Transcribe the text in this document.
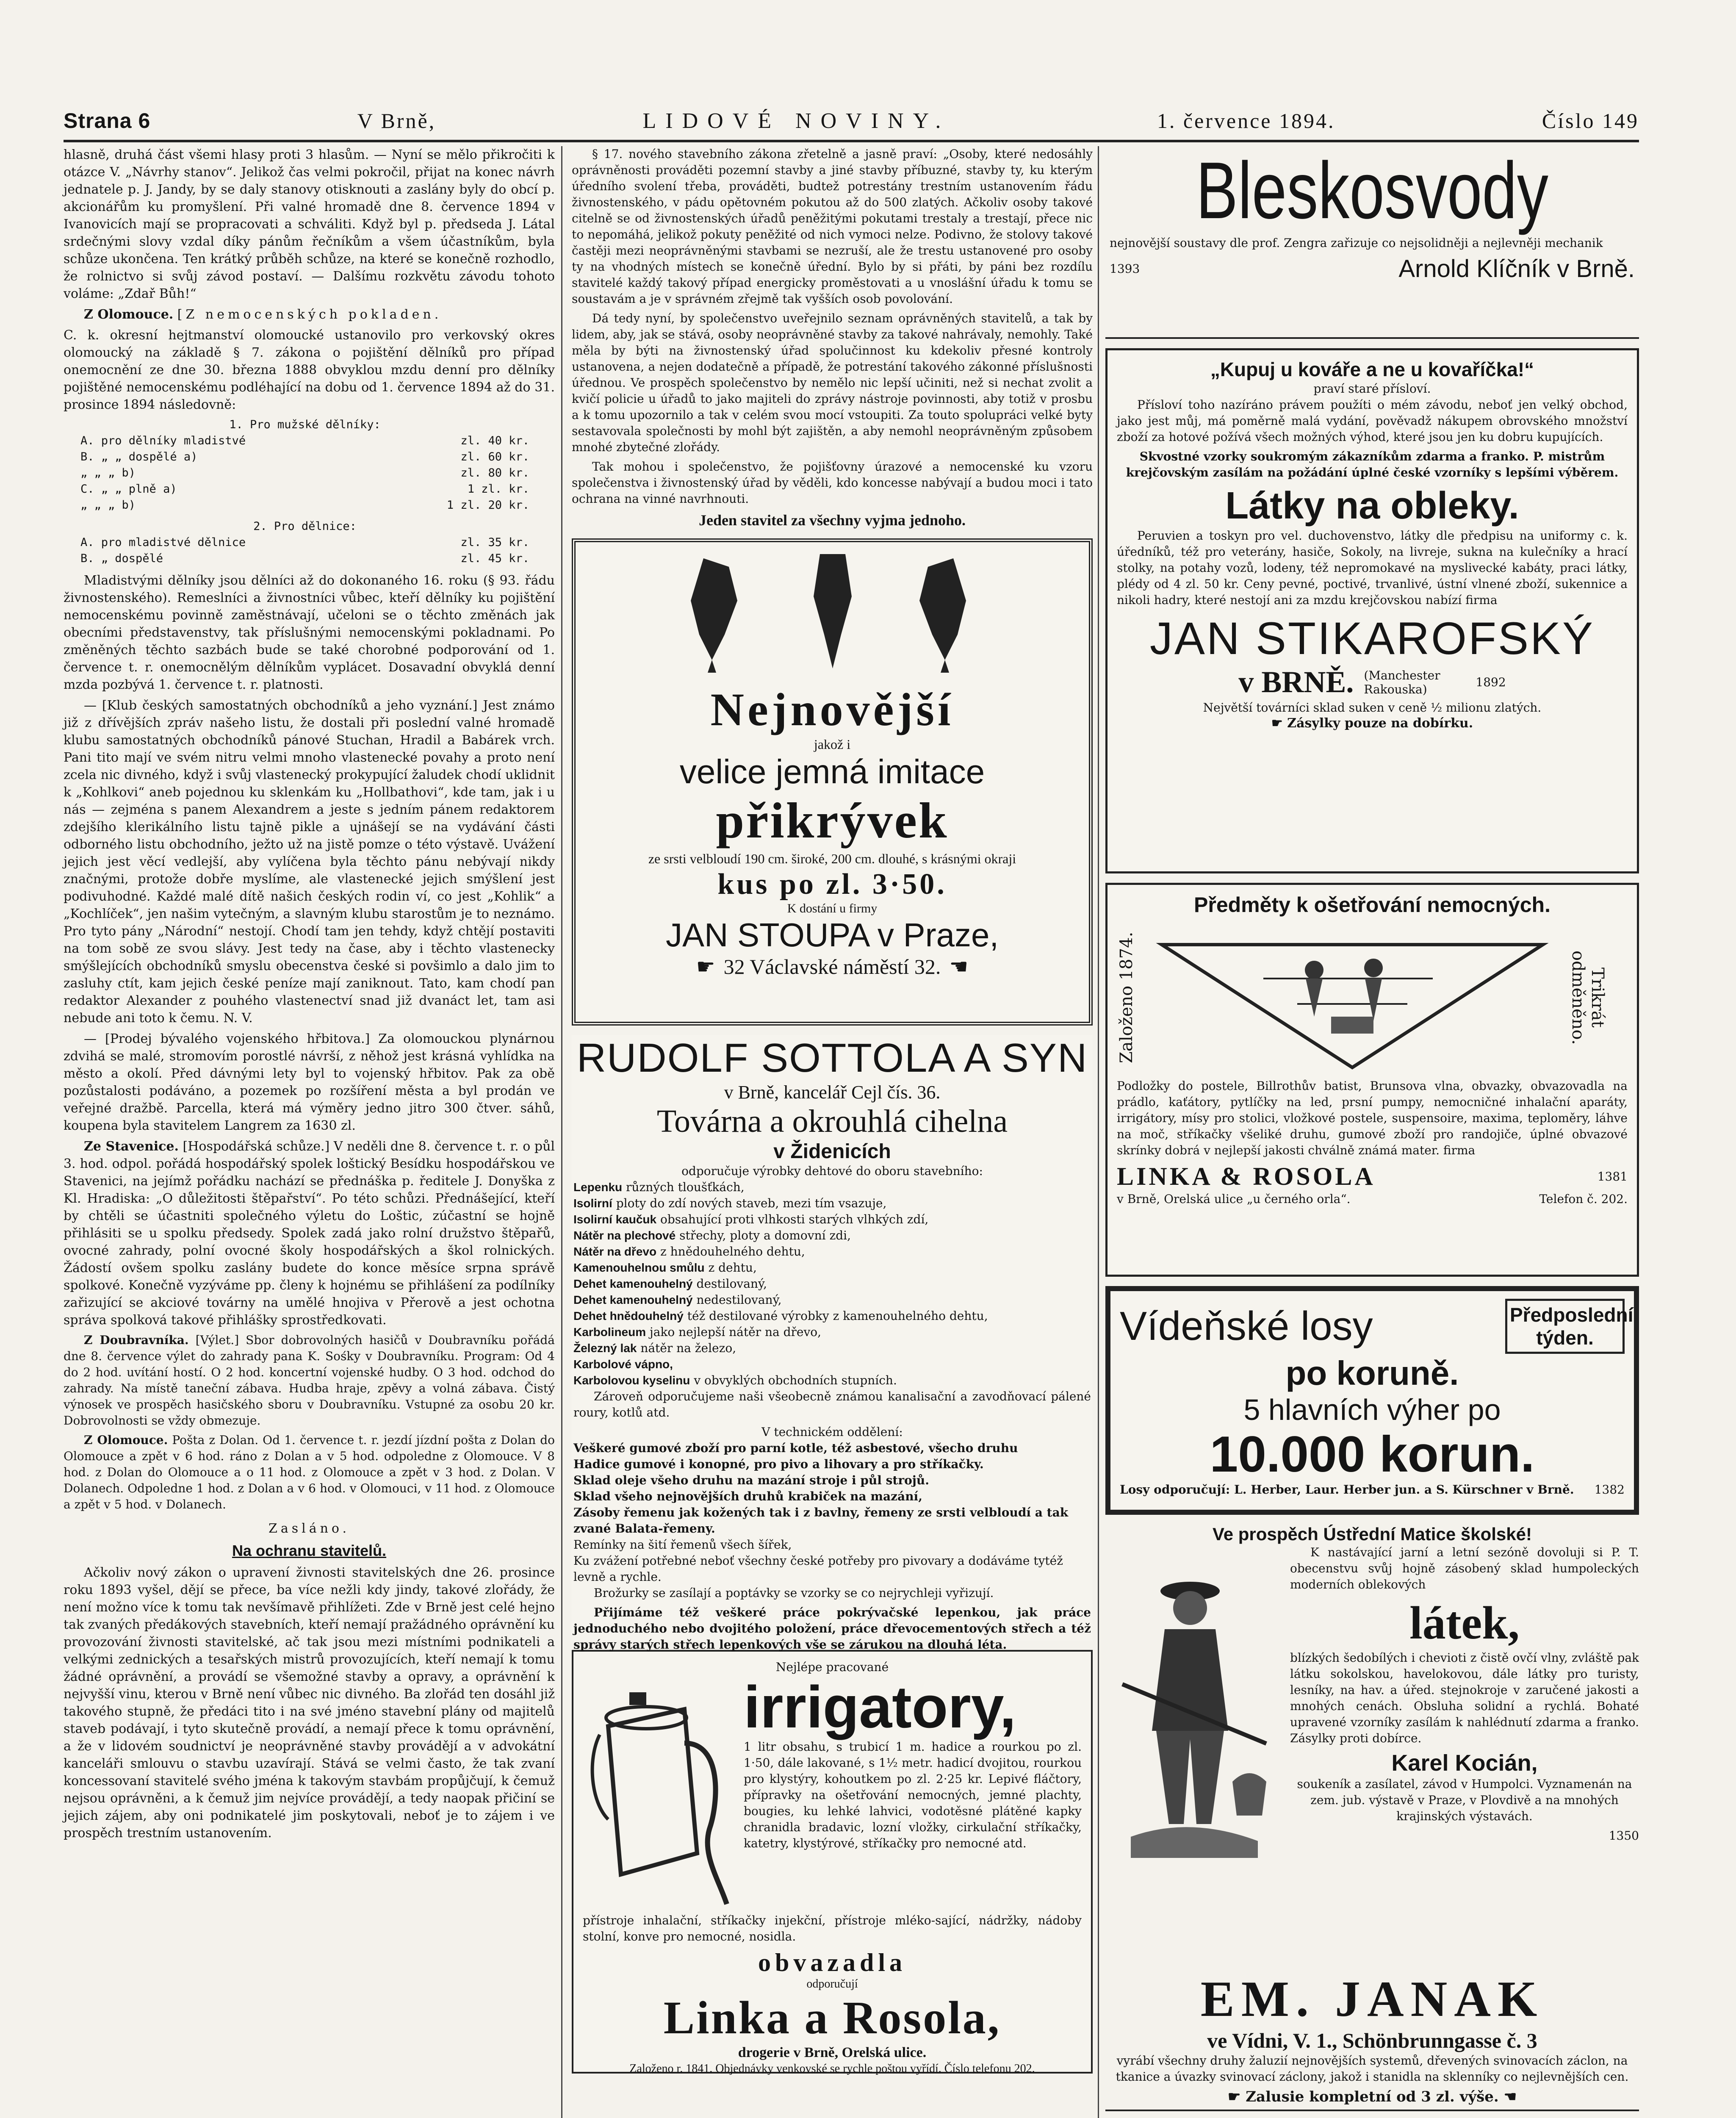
Strana 6	V Brně,	LIDOVÉ NOVINY.	1. července 1894.	Číslo 149

hlasně, druhá část všemi hlasy proti 3 hlasům. — Nyní se mělo přikročiti k otázce V. „Návrhy stanov“. Jelikož čas velmi pokročil, přijat na konec návrh jednatele p. J. Jandy, by se daly stanovy otisknouti a zaslány byly do obcí p. akcionářům ku promyšlení. Při valné hromadě dne 8. července 1894 v Ivanovicích mají se propracovati a schváliti. Když byl p. předseda J. Látal srdečnými slovy vzdal díky pánům řečníkům a všem účastníkům, byla schůze ukončena. Ten krátký průběh schůze, na které se konečně rozhodlo, že rolnictvo si svůj závod postaví. — Dalšímu rozkvětu závodu tohoto voláme: „Zdař Bůh!“

Z Olomouce. [Z nemocenských pokladen.

C. k. okresní hejtmanství olomoucké ustanovilo pro verkovský okres olomoucký na základě § 7. zákona o pojištění dělníků pro případ onemocnění ze dne 30. března 1888 obvyklou mzdu denní pro dělníky pojištěné nemocenskému podléhající na dobu od 1. července 1894 až do 31. prosince 1894 následovně:

1. Pro mužské dělníky:
A. pro dělníky mladistvé	zl. 40 kr.
B. „ „ dospělé a)	zl. 60 kr.
„ „ „ b)	zl. 80 kr.
C. „ „ plně a)	1 zl. kr.
„ „ „ b)	1 zl. 20 kr.
2. Pro dělnice:
A. pro mladistvé dělnice	zl. 35 kr.
B. „ dospělé	zl. 45 kr.

Mladistvými dělníky jsou dělníci až do dokonaného 16. roku (§ 93. řádu živnostenského). Remeslníci a živnostníci vůbec, kteří dělníky ku pojištění nemocenskému povinně zaměstnávají, učeloni se o těchto změnách jak obecními představenstvy, tak příslušnými nemocenskými pokladnami. Po změněných těchto sazbách bude se také chorobné podporování od 1. července t. r. onemocnělým dělníkům vyplácet. Dosavadní obvyklá denní mzda pozbývá 1. července t. r. platnosti.

— [Klub českých samostatných obchodníků a jeho vyznání.] Jest známo již z dřívějších zpráv našeho listu, že dostali při poslední valné hromadě klubu samostatných obchodníků pánové Stuchan, Hradil a Babárek vrch. Pani tito mají ve svém nitru velmi mnoho vlastenecké povahy a proto není zcela nic divného, když i svůj vlastenecký prokypující žaludek chodí uklidnit k „Kohlkovi“ aneb pojednou ku sklenkám ku „Hollbathovi“, kde tam, jak i u nás — zejména s panem Alexandrem a jeste s jedním pánem redaktorem zdejšího klerikálního listu tajně pikle a ujnášejí se na vydávání části odborného listu obchodního, ježto už na jistě pomze o této výstavě. Uvážení jejich jest věcí vedlejší, aby vylíčena byla těchto pánu nebývají nikdy značnými, protože dobře myslíme, ale vlastenecké jejich smýšlení jest podivuhodné. Každé malé dítě našich českých rodin ví, co jest „Kohlik“ a „Kochlíček“, jen našim vytečným, a slavným klubu starostům je to neznámo. Pro tyto pány „Národní“ nestojí. Chodí tam jen tehdy, když chtějí postaviti na tom sobě ze svou slávy. Jest tedy na čase, aby i těchto vlastenecky smýšlejících obchodníků smyslu obecenstva české si povšimlo a dalo jim to zasluhy ctít, kam jejich české peníze mají zaniknout. Tato, kam chodí pan redaktor Alexander z pouhého vlastenectví snad již dvanáct let, tam asi nebude ani toto k čemu. N. V.

— [Prodej bývalého vojenského hřbitova.] Za olomouckou plynárnou zdvihá se malé, stromovím porostlé návrší, z něhož jest krásná vyhlídka na město a okolí. Před dávnými lety byl to vojenský hřbitov. Pak za obě pozůstalosti podáváno, a pozemek po rozšíření města a byl prodán ve veřejné dražbě. Parcella, která má výměry jedno jitro 300 čtver. sáhů, koupena byla stavitelem Langrem za 1630 zl.

Ze Stavenice. [Hospodářská schůze.] V neděli dne 8. července t. r. o půl 3. hod. odpol. pořádá hospodářský spolek loštický Besídku hospodářskou ve Stavenici, na jejímž pořádku nachází se přednáška p. ředitele J. Donyška z Kl. Hradiska: „O důležitosti štěpařství“. Po této schůzi. Přednášející, kteří by chtěli se účastniti společného výletu do Loštic, zúčastní se hojně přihlásiti se u spolku předsedy. Spolek zadá jako rolní družstvo štěpařů, ovocné zahrady, polní ovocné školy hospodářských a škol rolnických. Žádostí ovšem spolku zaslány budete do konce měsíce srpna správě spolkové. Konečně vyzýváme pp. členy k hojnému se přihlášení za podílníky zařizující se akciové továrny na umělé hnojiva v Přerově a jest ochotna správa spolková takové přihlášky sprostředkovati.

Z Doubravníka. [Výlet.] Sbor dobrovolných hasičů v Doubravníku pořádá dne 8. července výlet do zahrady pana K. Sośky v Doubravníku. Program: Od 4 do 2 hod. uvítání hostí. O 2 hod. koncertní vojenské hudby. O 3 hod. odchod do zahrady. Na místě taneční zábava. Hudba hraje, zpěvy a volná zábava. Čistý výnosek ve prospěch hasičského sboru v Doubravníku. Vstupné za osobu 20 kr. Dobrovolnosti se vždy obmezuje.

Z Olomouce. Pošta z Dolan. Od 1. července t. r. jezdí jízdní pošta z Dolan do Olomouce a zpět v 6 hod. ráno z Dolan a v 5 hod. odpoledne z Olomouce. V 8 hod. z Dolan do Olomouce a o 11 hod. z Olomouce a zpět v 3 hod. z Dolan. V Dolanech. Odpoledne 1 hod. z Dolan a v 6 hod. v Olomouci, v 11 hod. z Olomouce a zpět v 5 hod. v Dolanech.

Zasláno.
Na ochranu stavitelů.

Ačkoliv nový zákon o upravení živnosti stavitelských dne 26. prosince roku 1893 vyšel, dějí se přece, ba více nežli kdy jindy, takové zlořády, že není možno více k tomu tak nevšímavě přihlížeti. Zde v Brně jest celé hejno tak zvaných předákových stavebních, kteří nemají pražádného oprávnění ku provozování živnosti stavitelské, ač tak jsou mezi místními podnikateli a velkými zednických a tesařských mistrů provozujících, kteří nemají k tomu žádné oprávnění, a provádí se všemožné stavby a opravy, a oprávnění k nejvyšší vinu, kterou v Brně není vůbec nic divného. Ba zlořád ten dosáhl již takového stupně, že předáci tito i na své jméno stavební plány od majitelů staveb podávají, i tyto skutečně provádí, a nemají přece k tomu oprávnění, a že v lidovém soudnictví je neoprávněné stavby provádějí a v advokátní kanceláři smlouvu o stavbu uzavírají. Stává se velmi často, že tak zvaní koncessovaní stavitelé svého jména k takovým stavbám propůjčují, k čemuž nejsou oprávněni, a k čemuž jim nejvíce provádějí, a tedy naopak přičiní se jejich zájem, aby oni podnikatelé jim poskytovali, neboť je to zájem i ve prospěch trestním ustanovením.

§ 17. nového stavebního zákona zřetelně a jasně praví: „Osoby, které nedosáhly oprávněnosti prováděti pozemní stavby a jiné stavby příbuzné, stavby ty, ku kterým úředního svolení třeba, prováděti, budtež potrestány trestním ustanovením řádu živnostenského, v pádu opětovném pokutou až do 500 zlatých. Ačkoliv osoby takové citelně se od živnostenských úřadů peněžitými pokutami trestaly a trestají, přece nic to nepomáhá, jelikož pokuty peněžité od nich vymoci nelze. Podivno, že stolovy takové častěji mezi neoprávněnými stavbami se nezruší, ale že trestu ustanovené pro osoby ty na vhodných místech se konečně úřední. Bylo by si přáti, by páni bez rozdílu stavitelé každý takový případ energicky proměstovati a u vnoslášní úřadu k tomu se soustavám a je v správném zřejmě tak vyšších osob povolování.

Dá tedy nyní, by společenstvo uveřejnilo seznam oprávněných stavitelů, a tak by lidem, aby, jak se stává, osoby neoprávněné stavby za takové nahrávaly, nemohly. Také měla by býti na živnostenský úřad spolučinnost ku kdekoliv přesné kontroly ustanovena, a nejen dodatečně a případě, že potrestání takového zákonné příslušnosti úřednou. Ve prospěch společenstvo by nemělo nic lepší učiniti, než si nechat zvolit a kvičí policie u úřadů to jako majiteli do zprávy nástroje povinnosti, aby totiž v prosbu a k tomu upozornilo a tak v celém svou mocí vstoupiti. Za touto spolupráci velké byty sestavovala společnosti by mohl být zajištěn, a aby nemohl neoprávněným způsobem mnohé zbytečné zlořády.

Tak mohou i společenstvo, že pojišťovny úrazové a nemocenské ku vzoru společenstva i živnostenský úřad by věděli, kdo koncesse nabývají a budou moci i tato ochrana na vinné navrhnouti.

Jeden stavitel za všechny vyjma jednoho.
Nejnovější
jakož i
velice jemná imitace
přikrývek
ze srsti velbloudí 190 cm. široké, 200 cm. dlouhé, s krásnými okraji
kus po zl. 3·50.
K dostání u firmy
JAN STOUPA v Praze,
☛ 32 Václavské náměstí 32. ☚
RUDOLF SOTTOLA A SYN
v Brně, kancelář Cejl čís. 36.
Továrna a okrouhlá cihelna
v Židenicích
odporučuje výrobky dehtové do oboru stavebního:
Lepenku různých tloušťkách,
Isolirní ploty do zdí nových staveb, mezi tím vsazuje,
Isolirní kaučuk obsahující proti vlhkosti starých vlhkých zdí,
Nátěr na plechové střechy, ploty a domovní zdi,
Nátěr na dřevo z hnědouhelného dehtu,
Kamenouhelnou smůlu z dehtu,
Dehet kamenouhelný destilovaný,
Dehet kamenouhelný nedestilovaný,
Dehet hnědouhelný též destilované výrobky z kamenouhelného dehtu,
Karbolineum jako nejlepší nátěr na dřevo,
Železný lak nátěr na železo,
Karbolové vápno,
Karbolovou kyselinu v obvyklých obchodních stupních.

Zároveň odporučujeme naši všeobecně známou kanalisační a zavodňovací pálené roury, kotlů atd.

V technickém oddělení:
Veškeré gumové zboží pro parní kotle, též asbestové, všecho druhu
Hadice gumové i konopné, pro pivo a lihovary a pro stříkačky.
Sklad oleje všeho druhu na mazání stroje i půl strojů.
Sklad všeho nejnovějších druhů krabiček na mazání,
Zásoby řemenu jak kožených tak i z bavlny, řemeny ze srsti velbloudí a tak zvané Balata-řemeny.
Remínky na šití řemenů všech šířek,
Ku zvážení potřebné neboť všechny české potřeby pro pivovary a dodáváme tytéž levně a rychle.

Brožurky se zasílají a poptávky se vzorky se co nejrychleji vyřizují.

Přijímáme též veškeré práce pokrývačské lepenkou, jak práce jednoduchého nebo dvojitého položení, práce dřevocementových střech a též správy starých střech lepenkových vše se zárukou na dlouhá léta.

Nejlépe pracované
irrigatory,

1 litr obsahu, s trubicí 1 m. hadice a rourkou po zl. 1·50, dále lakované, s 1½ metr. hadicí dvojitou, rourkou pro klystýry, kohoutkem po zl. 2·25 kr. Lepivé fláčtory, přípravky na ošetřování nemocných, jemné plachty, bougies, ku lehké lahvici, vodotěsné plátěné kapky chranidla bradavic, lozní vložky, cirkulační stříkačky, katetry, klystýrové, stříkačky pro nemocné atd.

přístroje inhalační, stříkačky injekční, přístroje mléko-sající, nádržky, nádoby stolní, konve pro nemocné, nosidla.

obvazadla
odporučují
Linka a Rosola,
drogerie v Brně, Orelská ulice.
Založeno r. 1841. Objednávky venkovské se rychle poštou vyřídí. Číslo telefonu 202.
Bleskosvody

nejnovější soustavy dle prof. Zengra zařizuje co nejsolidněji a nejlevněji mechanik

1393	Arnold Klíčník v Brně.
„Kupuj u kováře a ne u kovaříčka!“
praví staré přísloví.

Přísloví toho nazíráno právem použíti o mém závodu, neboť jen velký obchod, jako jest můj, má poměrně malá vydání, pověvadž nákupem obrovského množství zboží za hotové požívá všech možných výhod, které jsou jen ku dobru kupujících.

Skvostné vzorky soukromým zákazníkům zdarma a franko. P. mistrům krejčovským zasílám na požádání úplné české vzorníky s lepšími výběrem.

Látky na obleky.

Peruvien a toskyn pro vel. duchovenstvo, látky dle předpisu na uniformy c. k. úředníků, též pro veterány, hasiče, Sokoly, na livreje, sukna na kulečníky a hrací stolky, na potahy vozů, lodeny, též nepromokavé na myslivecké kabáty, praci látky, plédy od 4 zl. 50 kr. Ceny pevné, poctivé, trvanlivé, ústní vlnené zboží, sukennice a nikoli hadry, které nestojí ani za mzdu krejčovskou nabízí firma

JAN STIKAROFSKÝ
v BRNĚ. (Manchester Rakouska)
1892
Největší továrníci sklad suken v ceně ½ milionu zlatých.
☛ Zásylky pouze na dobírku.
Předměty k ošetřování nemocných.
Založeno 1874.	Trikrát odměněno.

Podložky do postele, Billrothův batist, Brunsova vlna, obvazky, obvazovadla na prádlo, kaťátory, pytlíčky na led, prsní pumpy, nemocničné inhalační aparáty, irrigátory, mísy pro stolici, vložkové postele, suspensoire, maxima, teploměry, láhve na moč, stříkačky všeliké druhu, gumové zboží pro randojiče, úplné obvazové skrínky dobrá v nejlepší jakosti chválně známá mater. firma

LINKA & ROSOLA	1381
v Brně, Orelská ulice „u černého orla“.	Telefon č. 202.
Vídeňské losy	Předposlední týden.
po koruně.
5 hlavních výher po
10.000 korun.
Losy odporučují: L. Herber, Laur. Herber jun. a S. Kürschner v Brně. 1382
Ve prospěch Ústřední Matice školské!

K nastávající jarní a letní sezóně dovoluji si P. T. obecenstvu svůj hojně zásobený sklad humpoleckých moderních oblekových

látek,

blízkých šedobílých i chevioti z čistě ovčí vlny, zvláště pak látku sokolskou, havelokovou, dále látky pro turisty, lesníky, na hav. a úřed. stejnokroje v zaručené jakosti a mnohých cenách. Obsluha solidní a rychlá. Bohaté upravené vzorníky zasílám k nahlédnutí zdarma a franko. Zásylky proti dobírce.

Karel Kocián,

soukeník a zasílatel, závod v Humpolci. Vyznamenán na zem. jub. výstavě v Praze, v Plovdivě a na mnohých krajinských výstavách.

1350
EM. JANAK
ve Vídni, V. 1., Schönbrunngasse č. 3

vyrábí všechny druhy žaluzií nejnovějších systemů, dřevených svinovacích záclon, na tkanice a úvazky svinovací záclony, jakož i stanidla na sklenníky co nejlevnějších cen.

☛ Zalusie kompletní od 3 zl. výše. ☚
